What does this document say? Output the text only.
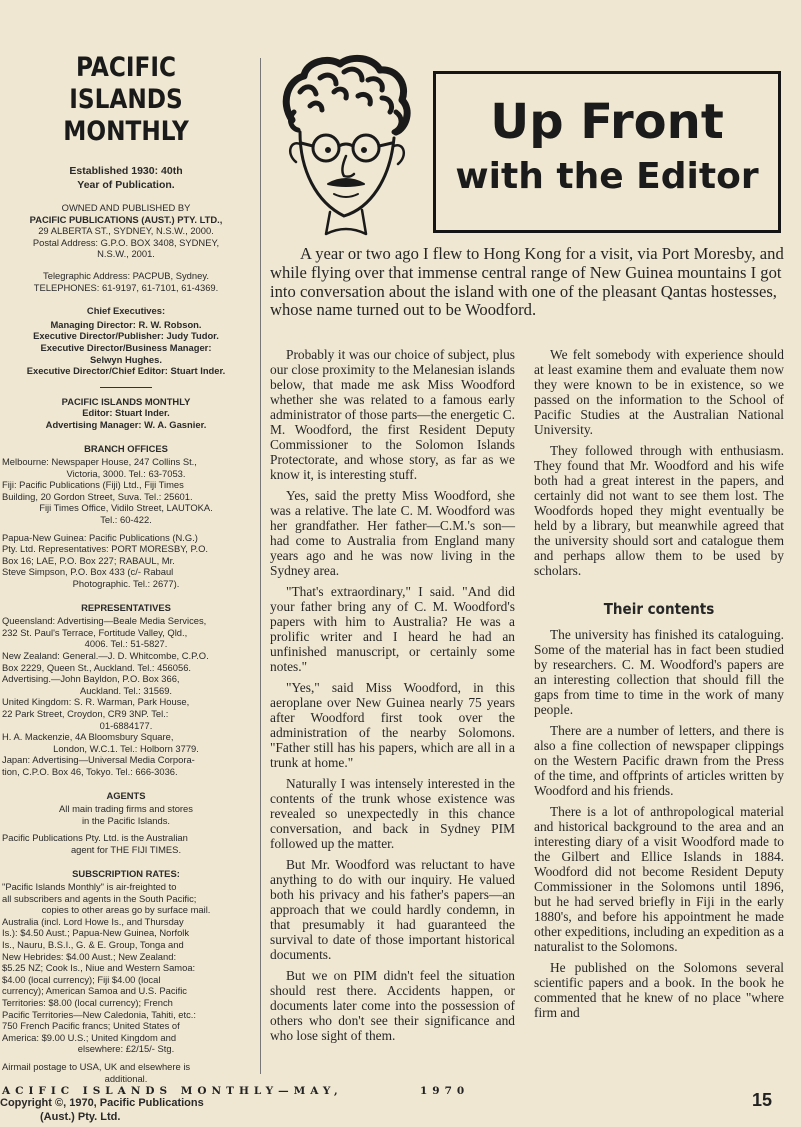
PACIFIC ISLANDS
MONTHLY
Established 1930: 40th
Year of Publication.
OWNED AND PUBLISHED BY
PACIFIC PUBLICATIONS (AUST.) PTY. LTD.,
29 ALBERTA ST., SYDNEY, N.S.W., 2000.
Postal Address: G.P.O. BOX 3408, SYDNEY,
N.S.W., 2001.
Telegraphic Address: PACPUB, Sydney.
TELEPHONES: 61-9197, 61-7101, 61-4369.
Chief Executives:
Managing Director: R. W. Robson.
Executive Director/Publisher: Judy Tudor.
Executive Director/Business Manager:
Selwyn Hughes.
Executive Director/Chief Editor: Stuart Inder.
PACIFIC ISLANDS MONTHLY
Editor: Stuart Inder.
Advertising Manager: W. A. Gasnier.
BRANCH OFFICES
Melbourne: Newspaper House, 247 Collins St.,
Victoria, 3000. Tel.: 63-7053.
Fiji: Pacific Publications (Fiji) Ltd., Fiji Times
Building, 20 Gordon Street, Suva. Tel.: 25601.
Fiji Times Office, Vidilo Street, LAUTOKA.
Tel.: 60-422.
Papua-New Guinea: Pacific Publications (N.G.)
Pty. Ltd. Representatives: PORT MORESBY, P.O.
Box 16; LAE, P.O. Box 227; RABAUL, Mr.
Steve Simpson, P.O. Box 433 (c/- Rabaul
Photographic. Tel.: 2677).
REPRESENTATIVES
Queensland: Advertising—Beale Media Services,
232 St. Paul's Terrace, Fortitude Valley, Qld.,
4006. Tel.: 51-5827.
New Zealand: General.—J. D. Whitcombe, C.P.O.
Box 2229, Queen St., Auckland. Tel.: 456056.
Advertising.—John Bayldon, P.O. Box 366,
Auckland. Tel.: 31569.
United Kingdom: S. R. Warman, Park House,
22 Park Street, Croydon, CR9 3NP. Tel.:
01-6884177.
H. A. Mackenzie, 4A Bloomsbury Square,
London, W.C.1. Tel.: Holborn 3779.
Japan: Advertising—Universal Media Corpora-
tion, C.P.O. Box 46, Tokyo. Tel.: 666-3036.
AGENTS
All main trading firms and stores
in the Pacific Islands.
Pacific Publications Pty. Ltd. is the Australian
agent for THE FIJI TIMES.
SUBSCRIPTION RATES:
"Pacific Islands Monthly" is air-freighted to
all subscribers and agents in the South Pacific;
copies to other areas go by surface mail.
Australia (incl. Lord Howe Is., and Thursday
Is.): $4.50 Aust.; Papua-New Guinea, Norfolk
Is., Nauru, B.S.I., G. & E. Group, Tonga and
New Hebrides: $4.00 Aust.; New Zealand:
$5.25 NZ; Cook Is., Niue and Western Samoa:
$4.00 (local currency); Fiji $4.00 (local
currency); American Samoa and U.S. Pacific
Territories: $8.00 (local currency); French
Pacific Territories—New Caledonia, Tahiti, etc.:
750 French Pacific francs; United States of
America: $9.00 U.S.; United Kingdom and
elsewhere: £2/15/- Stg.
Airmail postage to USA, UK and elsewhere is
additional.
Copyright ©, 1970, Pacific Publications
(Aust.) Pty. Ltd.
Up Front
with the Editor
A year or two ago I flew to Hong Kong for a visit, via Port Moresby, and while flying over that immense central range of New Guinea mountains I got into conversation about the island with one of the pleasant Qantas hostesses, whose name turned out to be Woodford.

Probably it was our choice of subject, plus our close proximity to the Melanesian islands below, that made me ask Miss Woodford whether she was related to a famous early administrator of those parts—the energetic C. M. Woodford, the first Resident Deputy Commissioner to the Solomon Islands Protectorate, and whose story, as far as we know it, is interesting stuff.

Yes, said the pretty Miss Woodford, she was a relative. The late C. M. Woodford was her grandfather. Her father—C.M.'s son—had come to Australia from England many years ago and he was now living in the Sydney area.

"That's extraordinary," I said. "And did your father bring any of C. M. Woodford's papers with him to Australia? He was a prolific writer and I heard he had an unfinished manuscript, or certainly some notes."

"Yes," said Miss Woodford, in this aeroplane over New Guinea nearly 75 years after Woodford first took over the administration of the nearby Solomons. "Father still has his papers, which are all in a trunk at home."

Naturally I was intensely interested in the contents of the trunk whose existence was revealed so unexpectedly in this chance conversation, and back in Sydney PIM followed up the matter.

But Mr. Woodford was reluctant to have anything to do with our inquiry. He valued both his privacy and his father's papers—an approach that we could hardly condemn, in that presumably it had guaranteed the survival to date of those important historical documents.

But we on PIM didn't feel the situation should rest there. Accidents happen, or documents later come into the possession of others who don't see their significance and who lose sight of them.

We felt somebody with experience should at least examine them and evaluate them now they were known to be in existence, so we passed on the information to the School of Pacific Studies at the Australian National University.

They followed through with enthusiasm. They found that Mr. Woodford and his wife both had a great interest in the papers, and certainly did not want to see them lost. The Woodfords hoped they might eventually be held by a library, but meanwhile agreed that the university should sort and catalogue them and perhaps allow them to be used by scholars.

Their contents

The university has finished its cataloguing. Some of the material has in fact been studied by researchers. C. M. Woodford's papers are an interesting collection that should fill the gaps from time to time in the work of many people.

There are a number of letters, and there is also a fine collection of newspaper clippings on the Western Pacific drawn from the Press of the time, and offprints of articles written by Woodford and his friends.

There is a lot of anthropological material and historical background to the area and an interesting diary of a visit Woodford made to the Gilbert and Ellice Islands in 1884. Woodford did not become Resident Deputy Commissioner in the Solomons until 1896, but he had served briefly in Fiji in the early 1880's, and before his appointment he made other expeditions, including an expedition as a naturalist to the Solomons.

He published on the Solomons several scientific papers and a book. In the book he commented that he knew of no place "where firm and

ACIFIC ISLANDS MONTHLY—MAY,	1970	15
